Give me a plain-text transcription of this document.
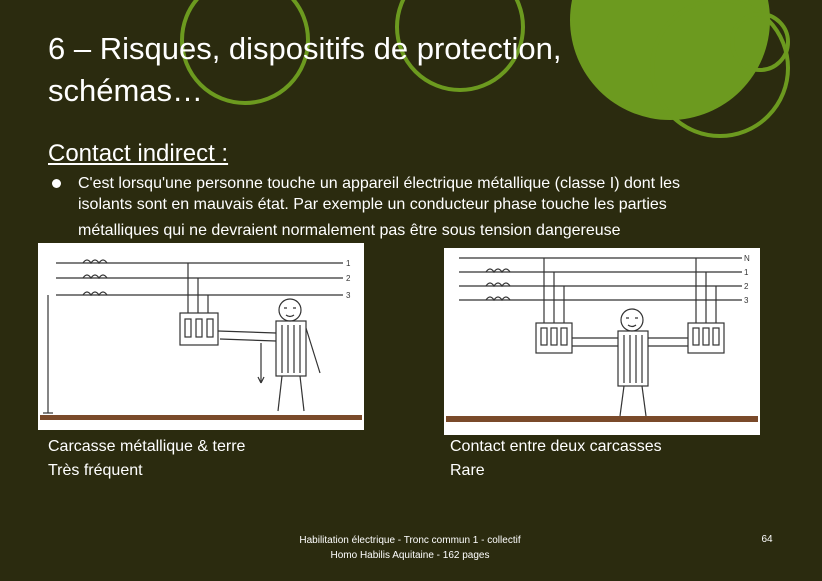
6 – Risques, dispositifs de protection,
schémas…
Contact indirect :
C'est lorsqu'une personne touche un appareil électrique métallique (classe I) dont les
isolants sont en mauvais état. Par exemple un conducteur phase touche les parties
métalliques qui ne devraient normalement pas être sous tension dangereuse
1
2
3
N
1
2
3
Carcasse métallique & terre
Très fréquent
Contact entre deux carcasses
Rare
Habilitation électrique - Tronc commun 1 - collectif
Homo Habilis Aquitaine - 162 pages
64
